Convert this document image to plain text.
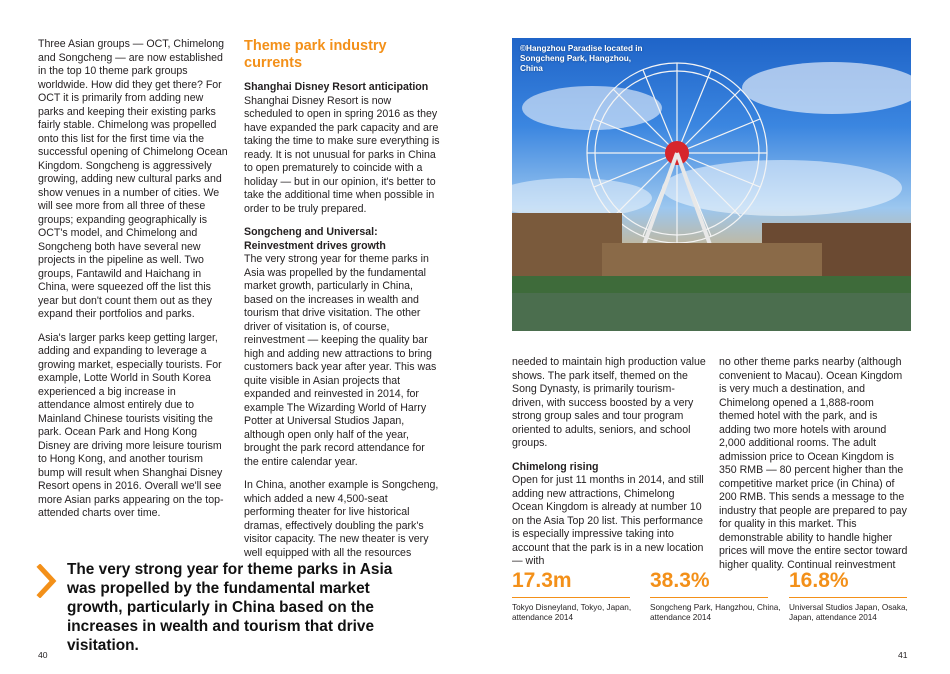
Three Asian groups — OCT, Chimelong and Songcheng — are now established in the top 10 theme park groups worldwide. How did they get there? For OCT it is primarily from adding new parks and keeping their existing parks fairly stable. Chimelong was propelled onto this list for the first time via the successful opening of Chimelong Ocean Kingdom. Songcheng is aggressively growing, adding new cultural parks and show venues in a number of cities. We will see more from all three of these groups; expanding geographically is OCT's model, and Chimelong and Songcheng both have several new projects in the pipeline as well. Two groups, Fantawild and Haichang in China, were squeezed off the list this year but don't count them out as they expand their portfolios and parks.

Asia's larger parks keep getting larger, adding and expanding to leverage a growing market, especially tourists. For example, Lotte World in South Korea experienced a big increase in attendance almost entirely due to Mainland Chinese tourists visiting the park. Ocean Park and Hong Kong Disney are driving more leisure tourism to Hong Kong, and another tourism bump will result when Shanghai Disney Resort opens in 2016. Overall we'll see more Asian parks appearing on the top-attended charts over time.

Theme park industry currents

Shanghai Disney Resort anticipation
Shanghai Disney Resort is now scheduled to open in spring 2016 as they have expanded the park capacity and are taking the time to make sure everything is ready. It is not unusual for parks in China to open prematurely to coincide with a holiday — but in our opinion, it's better to take the additional time when possible in order to be truly prepared.

Songcheng and Universal: Reinvestment drives growth
The very strong year for theme parks in Asia was propelled by the fundamental market growth, particularly in China, based on the increases in wealth and tourism that drive visitation. The other driver of visitation is, of course, reinvestment — keeping the quality bar high and adding new attractions to bring customers back year after year. This was quite visible in Asian projects that expanded and reinvested in 2014, for example The Wizarding World of Harry Potter at Universal Studios Japan, although open only half of the year, brought the park record attendance for the entire calendar year.

In China, another example is Songcheng, which added a new 4,500-seat performing theater for live historical dramas, effectively doubling the park's visitor capacity. The new theater is very well equipped with all the resources

©Hangzhou Paradise located in Songcheng Park, Hangzhou, China

needed to maintain high production value shows. The park itself, themed on the Song Dynasty, is primarily tourism-driven, with success boosted by a very strong group sales and tour program oriented to adults, seniors, and school groups.

Chimelong rising
Open for just 11 months in 2014, and still adding new attractions, Chimelong Ocean Kingdom is already at number 10 on the Asia Top 20 list. This performance is especially impressive taking into account that the park is in a new location — with

no other theme parks nearby (although convenient to Macau). Ocean Kingdom is very much a destination, and Chimelong opened a 1,888-room themed hotel with the park, and is adding two more hotels with around 2,000 additional rooms. The adult admission price to Ocean Kingdom is 350 RMB — 80 percent higher than the competitive market price (in China) of 200 RMB. This sends a message to the industry that people are prepared to pay for quality in this market. This demonstrable ability to handle higher prices will move the entire sector toward higher quality. Continual reinvestment

The very strong year for theme parks in Asia was propelled by the fundamental market growth, particularly in China based on the increases in wealth and tourism that drive visitation.
17.3m
Tokyo Disneyland, Tokyo, Japan, attendance 2014
38.3%
Songcheng Park, Hangzhou, China, attendance 2014
16.8%
Universal Studios Japan, Osaka, Japan, attendance 2014
40	41
